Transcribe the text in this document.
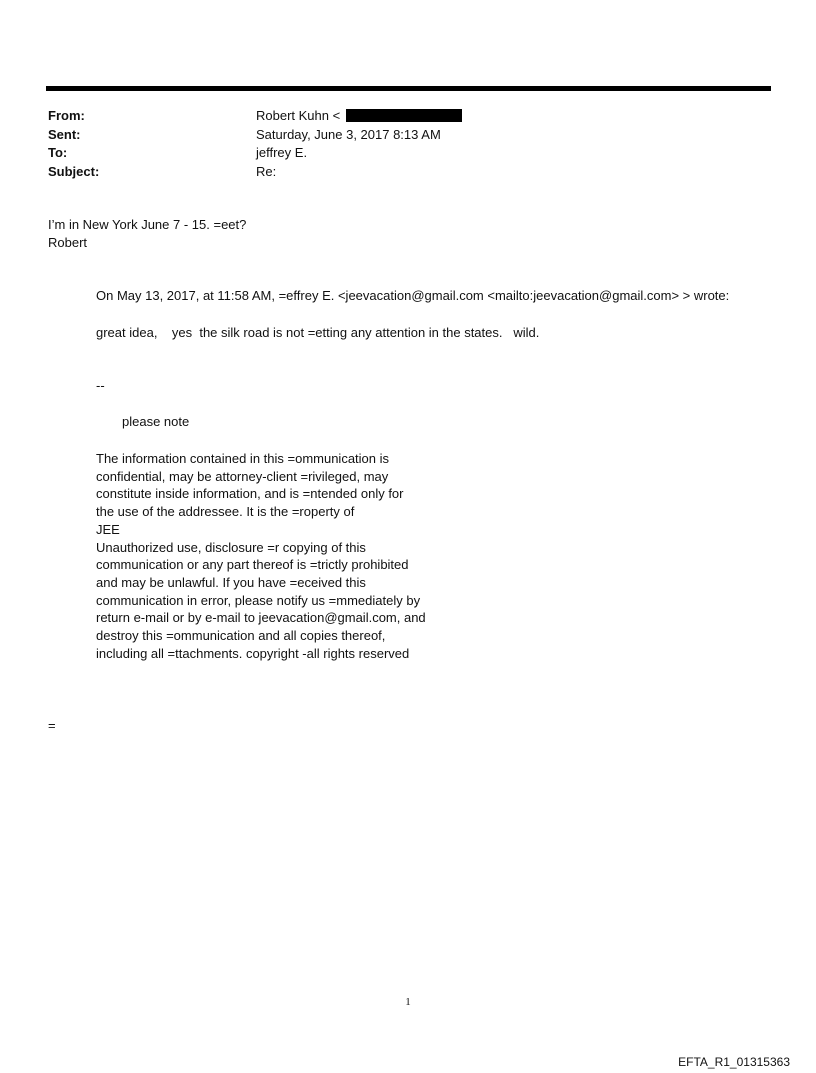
From:	Robert Kuhn <
Sent:	Saturday, June 3, 2017 8:13 AM
To:	jeffrey E.
Subject:	Re:
I’m in New York June 7 - 15. =eet?
Robert
On May 13, 2017, at 11:58 AM, =effrey E. <jeevacation@gmail.com <mailto:jeevacation@gmail.com> > wrote:
great idea,    yes  the silk road is not =etting any attention in the states.   wild.
--
please note
The information contained in this =ommunication is
confidential, may be attorney-client =rivileged, may
constitute inside information, and is =ntended only for
the use of the addressee. It is the =roperty of
JEE
Unauthorized use, disclosure =r copying of this
communication or any part thereof is =trictly prohibited
and may be unlawful. If you have =eceived this
communication in error, please notify us =mmediately by
return e-mail or by e-mail to jeevacation@gmail.com, and
destroy this =ommunication and all copies thereof,
including all =ttachments. copyright -all rights reserved
=
1
EFTA_R1_01315363
